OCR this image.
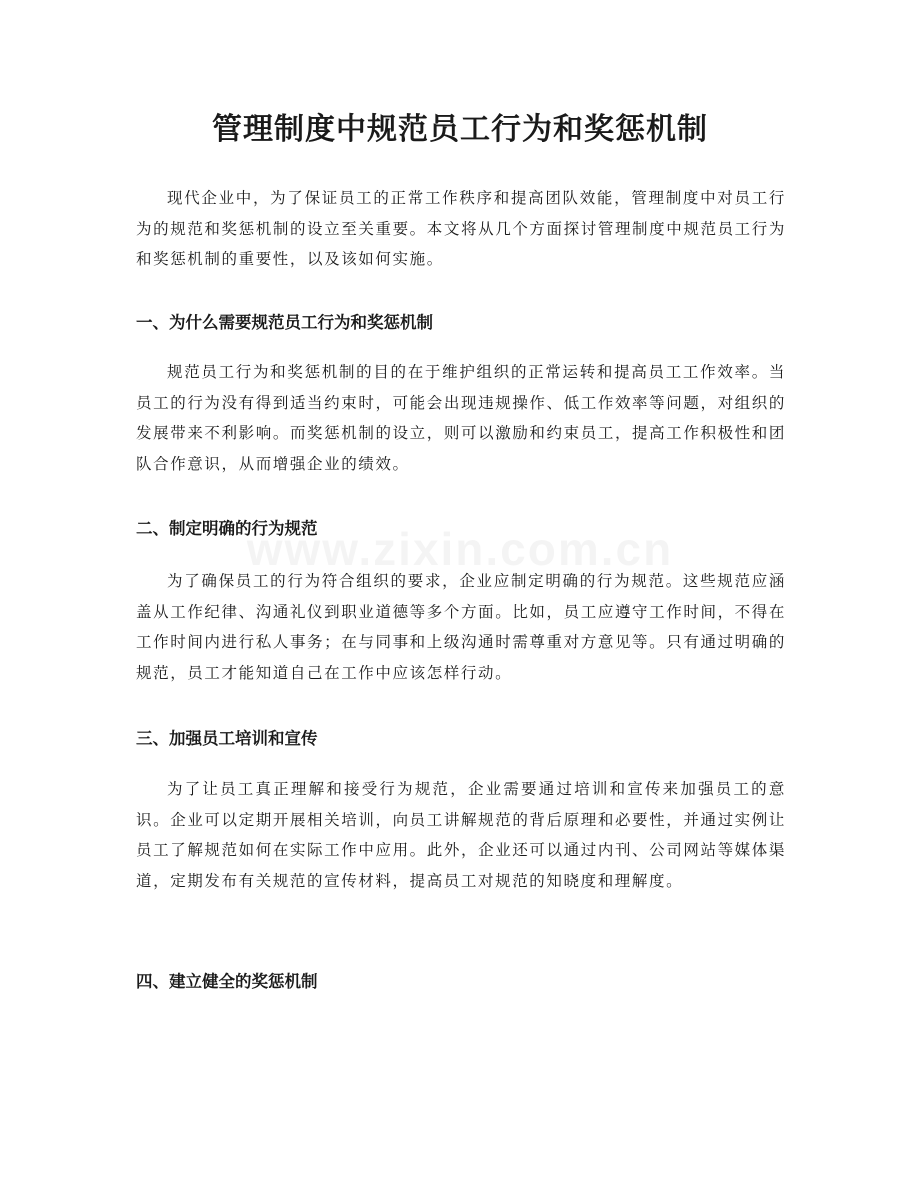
管理制度中规范员工行为和奖惩机制

现代企业中，为了保证员工的正常工作秩序和提高团队效能，管理制度中对员工行为的规范和奖惩机制的设立至关重要。本文将从几个方面探讨管理制度中规范员工行为和奖惩机制的重要性，以及该如何实施。

一、为什么需要规范员工行为和奖惩机制

规范员工行为和奖惩机制的目的在于维护组织的正常运转和提高员工工作效率。当员工的行为没有得到适当约束时，可能会出现违规操作、低工作效率等问题，对组织的发展带来不利影响。而奖惩机制的设立，则可以激励和约束员工，提高工作积极性和团队合作意识，从而增强企业的绩效。

二、制定明确的行为规范

为了确保员工的行为符合组织的要求，企业应制定明确的行为规范。这些规范应涵盖从工作纪律、沟通礼仪到职业道德等多个方面。比如，员工应遵守工作时间，不得在工作时间内进行私人事务；在与同事和上级沟通时需尊重对方意见等。只有通过明确的规范，员工才能知道自己在工作中应该怎样行动。

三、加强员工培训和宣传

为了让员工真正理解和接受行为规范，企业需要通过培训和宣传来加强员工的意识。企业可以定期开展相关培训，向员工讲解规范的背后原理和必要性，并通过实例让员工了解规范如何在实际工作中应用。此外，企业还可以通过内刊、公司网站等媒体渠道，定期发布有关规范的宣传材料，提高员工对规范的知晓度和理解度。

四、建立健全的奖惩机制
